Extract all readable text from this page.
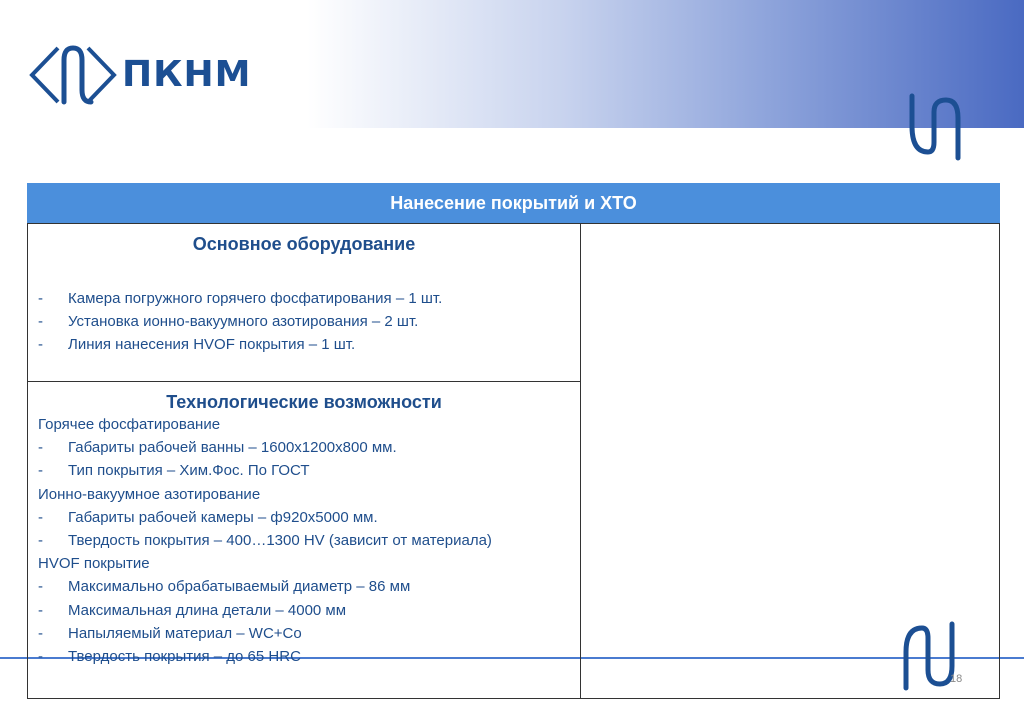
ПКНМ
Нанесение покрытий и ХТО
Основное оборудование
-	Камера погружного горячего фосфатирования – 1 шт.
-	Установка ионно-вакуумного азотирования – 2 шт.
-	Линия нанесения HVOF покрытия – 1 шт.
Технологические возможности
Горячее фосфатирование
-	Габариты рабочей ванны – 1600х1200х800 мм.
-	Тип покрытия – Хим.Фос. По ГОСТ
Ионно-вакуумное азотирование
-	Габариты рабочей камеры – ф920х5000 мм.
-	Твердость покрытия – 400…1300 HV (зависит от материала)
HVOF покрытие
-	Максимально обрабатываемый диаметр – 86 мм
-	Максимальная длина детали – 4000 мм
-	Напыляемый материал – WC+Co
-	Твердость покрытия – до 65 HRC
18
